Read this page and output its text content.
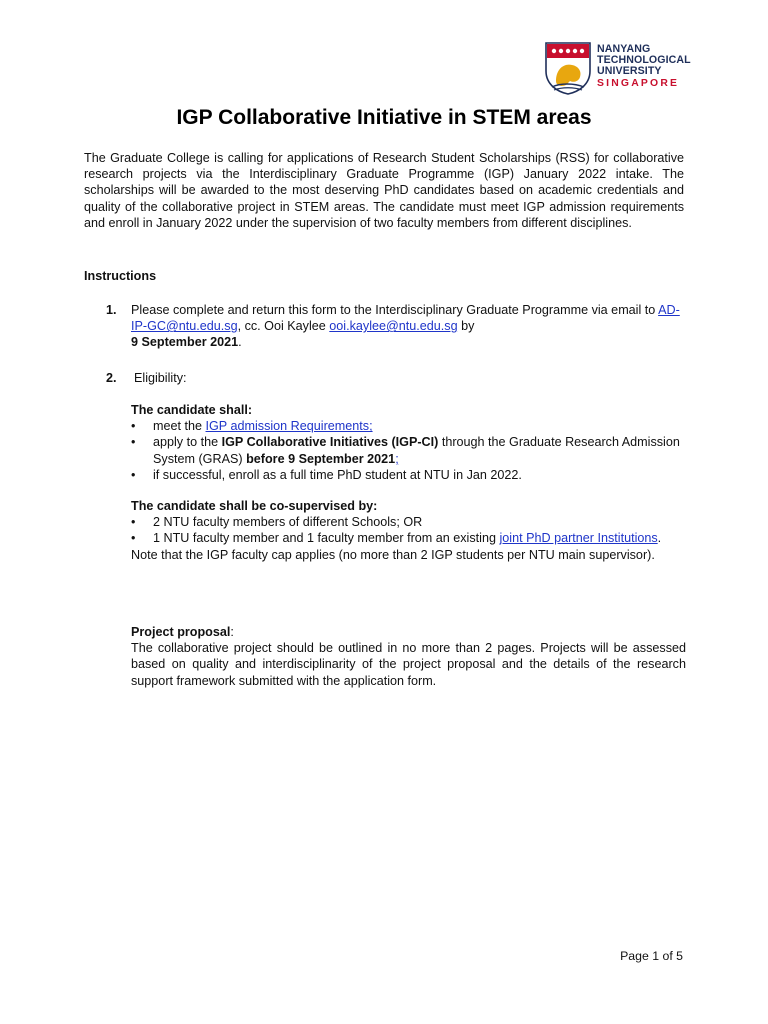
NANYANG
TECHNOLOGICAL
UNIVERSITY
SINGAPORE
IGP Collaborative Initiative in STEM areas
The Graduate College is calling for applications of Research Student Scholarships (RSS) for collaborative research projects via the Interdisciplinary Graduate Programme (IGP) January 2022 intake. The scholarships will be awarded to the most deserving PhD candidates based on academic credentials and quality of the collaborative project in STEM areas. The candidate must meet IGP admission requirements and enroll in January 2022 under the supervision of two faculty members from different disciplines.
Instructions
1. Please complete and return this form to the Interdisciplinary Graduate Programme via email to AD-IP-GC@ntu.edu.sg, cc. Ooi Kaylee ooi.kaylee@ntu.edu.sg by
9 September 2021.
2. Eligibility:
The candidate shall:
• meet the IGP admission Requirements;
• apply to the IGP Collaborative Initiatives (IGP-CI) through the Graduate Research Admission System (GRAS) before 9 September 2021;
• if successful, enroll as a full time PhD student at NTU in Jan 2022.
The candidate shall be co-supervised by:
• 2 NTU faculty members of different Schools; OR
• 1 NTU faculty member and 1 faculty member from an existing joint PhD partner Institutions.
Note that the IGP faculty cap applies (no more than 2 IGP students per NTU main supervisor).
Project proposal:
The collaborative project should be outlined in no more than 2 pages. Projects will be assessed based on quality and interdisciplinarity of the project proposal and the details of the research support framework submitted with the application form.
Page 1 of 5
